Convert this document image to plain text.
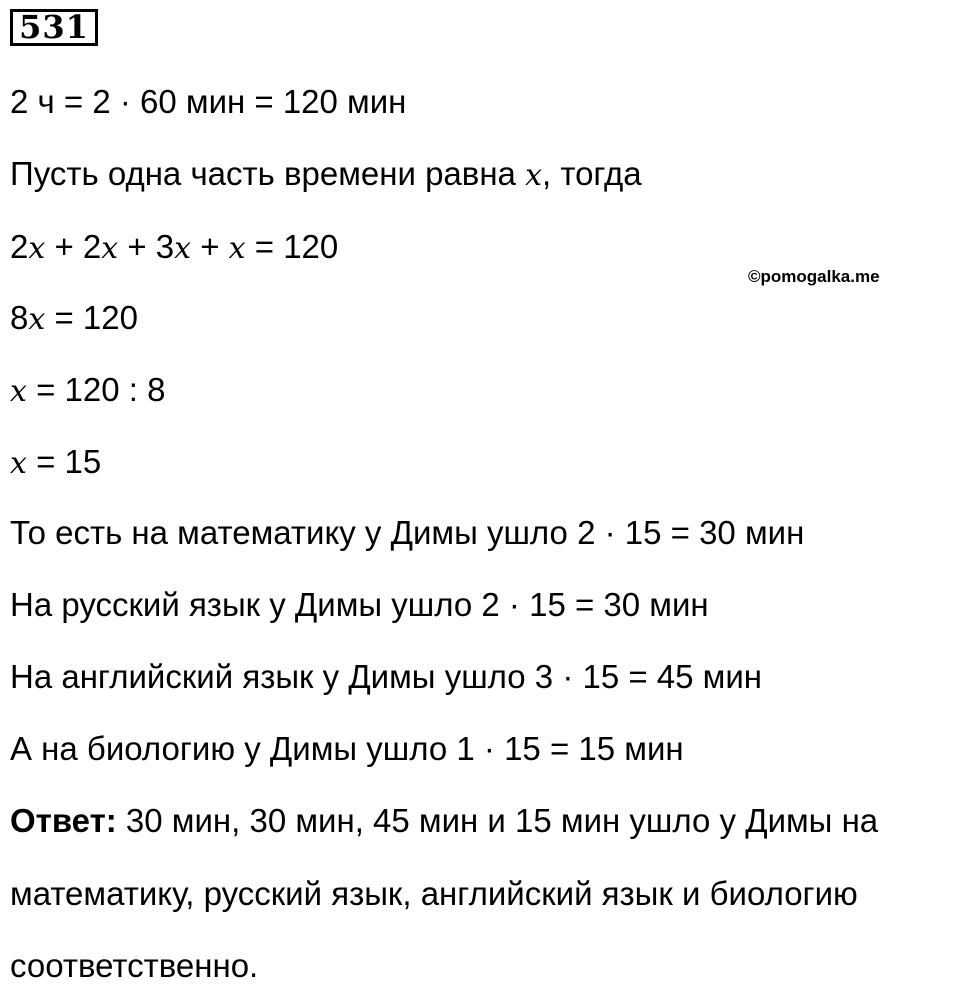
531
2 ч = 2 · 60 мин = 120 мин
Пусть одна часть времени равна x, тогда
2x + 2x + 3x + x = 120
©pomogalka.me
8x = 120
x = 120 : 8
x = 15
То есть на математику у Димы ушло 2 · 15 = 30 мин
На русский язык у Димы ушло 2 · 15 = 30 мин
На английский язык у Димы ушло 3 · 15 = 45 мин
А на биологию у Димы ушло 1 · 15 = 15 мин
Ответ: 30 мин, 30 мин, 45 мин и 15 мин ушло у Димы на
математику, русский язык, английский язык и биологию
соответственно.
